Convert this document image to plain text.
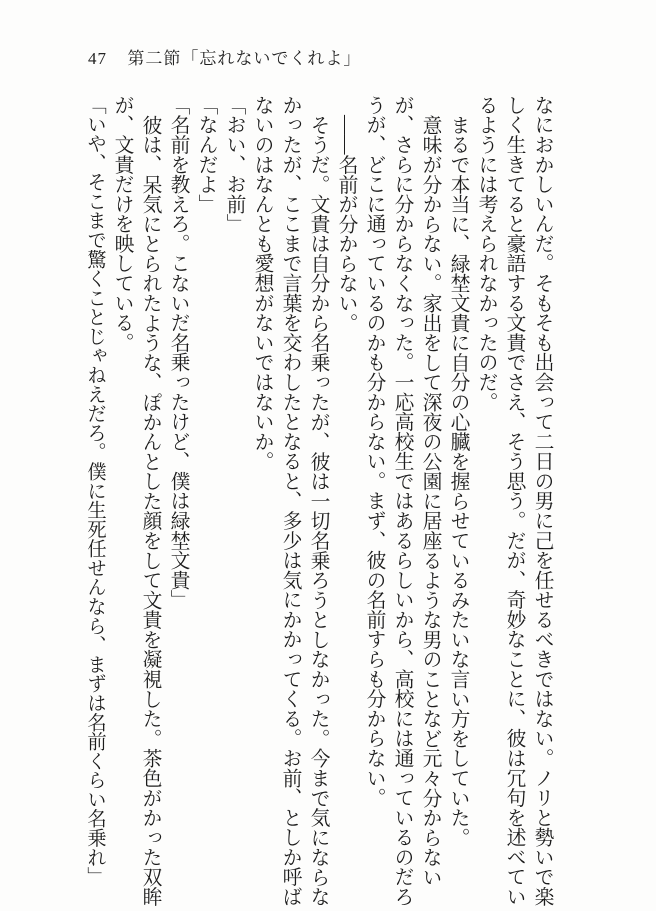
47 第二節「忘れないでくれよ」

なにおかしいんだ。そもそも出会って二日の男に己を任せるべきではない。ノリと勢いで楽しく生きてると豪語する文貴でさえ、そう思う。だが、奇妙なことに、彼は冗句を述べているようには考えられなかったのだ。

まるで本当に、緑埜文貴に自分の心臓を握らせているみたいな言い方をしていた。

意味が分からない。家出をして深夜の公園に居座るような男のことなど元々分からないが、さらに分からなくなった。一応高校生ではあるらしいから、高校には通っているのだろうが、どこに通っているのかも分からない。まず、彼の名前すらも分からない。

――名前が分からない。

そうだ。文貴は自分から名乗ったが、彼は一切名乗ろうとしなかった。今まで気にならなかったが、ここまで言葉を交わしたとなると、多少は気にかかってくる。お前、としか呼ばないのはなんとも愛想がないではないか。

「おい、お前」

「なんだよ」

「名前を教えろ。こないだ名乗ったけど、僕は緑埜文貴」

彼は、呆気にとられたような、ぽかんとした顔をして文貴を凝視した。茶色がかった双眸が、文貴だけを映している。

「いや、そこまで驚くことじゃねえだろ。僕に生死任せんなら、まずは名前くらい名乗れ」
